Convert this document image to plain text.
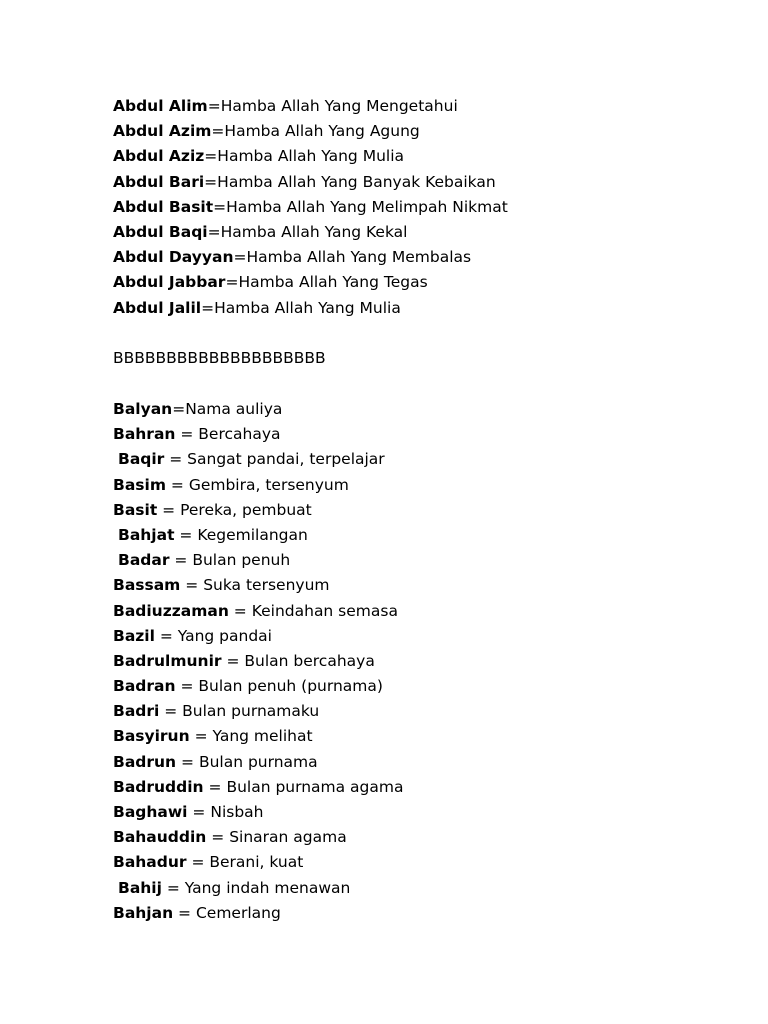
Abdul Alim=Hamba Allah Yang Mengetahui
Abdul Azim=Hamba Allah Yang Agung
Abdul Aziz=Hamba Allah Yang Mulia
Abdul Bari=Hamba Allah Yang Banyak Kebaikan
Abdul Basit=Hamba Allah Yang Melimpah Nikmat
Abdul Baqi=Hamba Allah Yang Kekal
Abdul Dayyan=Hamba Allah Yang Membalas
Abdul Jabbar=Hamba Allah Yang Tegas
Abdul Jalil=Hamba Allah Yang Mulia
BBBBBBBBBBBBBBBBBBBB
Balyan=Nama auliya
Bahran = Bercahaya
Baqir = Sangat pandai, terpelajar
Basim = Gembira, tersenyum
Basit = Pereka, pembuat
Bahjat = Kegemilangan
Badar = Bulan penuh
Bassam = Suka tersenyum
Badiuzzaman = Keindahan semasa
Bazil = Yang pandai
Badrulmunir = Bulan bercahaya
Badran = Bulan penuh (purnama)
Badri = Bulan purnamaku
Basyirun = Yang melihat
Badrun = Bulan purnama
Badruddin = Bulan purnama agama
Baghawi = Nisbah
Bahauddin = Sinaran agama
Bahadur = Berani, kuat
Bahij = Yang indah menawan
Bahjan = Cemerlang
